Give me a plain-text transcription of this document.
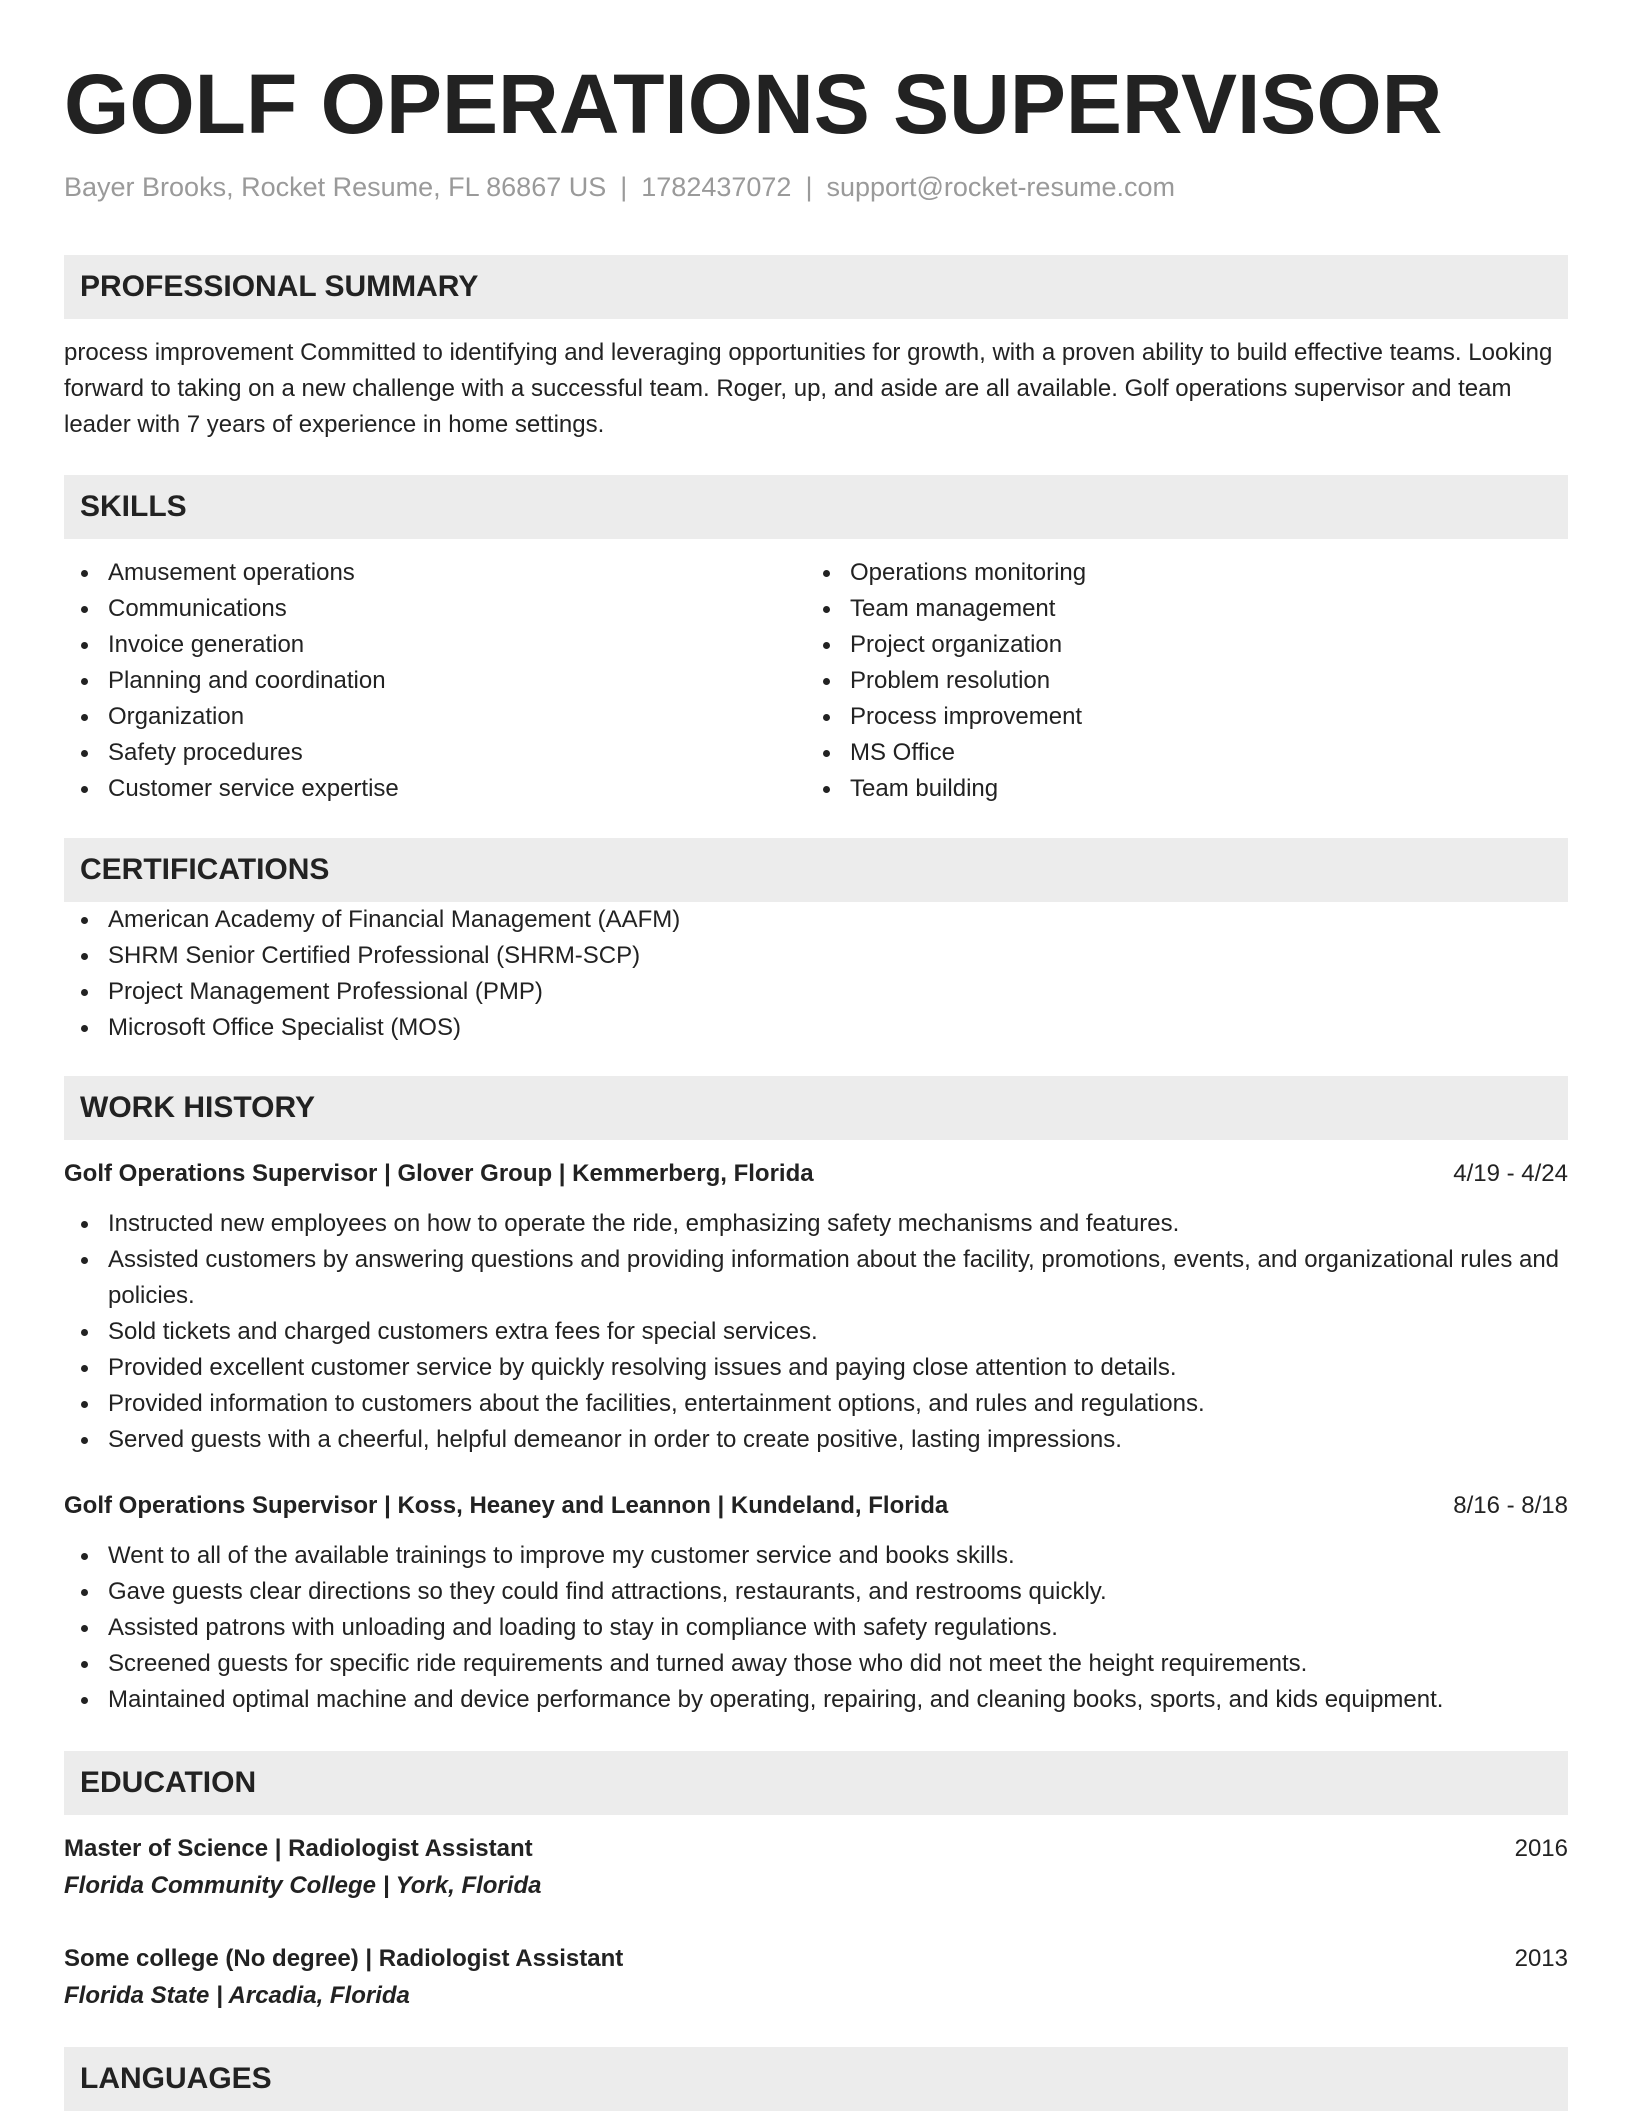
GOLF OPERATIONS SUPERVISOR
Bayer Brooks, Rocket Resume, FL 86867 US | 1782437072 | support@rocket-resume.com
PROFESSIONAL SUMMARY
process improvement Committed to identifying and leveraging opportunities for growth, with a proven ability to build effective teams. Looking forward to taking on a new challenge with a successful team. Roger, up, and aside are all available. Golf operations supervisor and team leader with 7 years of experience in home settings.
SKILLS
Amusement operations
Communications
Invoice generation
Planning and coordination
Organization
Safety procedures
Customer service expertise
Operations monitoring
Team management
Project organization
Problem resolution
Process improvement
MS Office
Team building
CERTIFICATIONS
American Academy of Financial Management (AAFM)
SHRM Senior Certified Professional (SHRM-SCP)
Project Management Professional (PMP)
Microsoft Office Specialist (MOS)
WORK HISTORY
Golf Operations Supervisor | Glover Group | Kemmerberg, Florida	4/19 - 4/24
Instructed new employees on how to operate the ride, emphasizing safety mechanisms and features.
Assisted customers by answering questions and providing information about the facility, promotions, events, and organizational rules and policies.
Sold tickets and charged customers extra fees for special services.
Provided excellent customer service by quickly resolving issues and paying close attention to details.
Provided information to customers about the facilities, entertainment options, and rules and regulations.
Served guests with a cheerful, helpful demeanor in order to create positive, lasting impressions.
Golf Operations Supervisor | Koss, Heaney and Leannon | Kundeland, Florida	8/16 - 8/18
Went to all of the available trainings to improve my customer service and books skills.
Gave guests clear directions so they could find attractions, restaurants, and restrooms quickly.
Assisted patrons with unloading and loading to stay in compliance with safety regulations.
Screened guests for specific ride requirements and turned away those who did not meet the height requirements.
Maintained optimal machine and device performance by operating, repairing, and cleaning books, sports, and kids equipment.
EDUCATION
Master of Science | Radiologist Assistant	2016
Florida Community College | York, Florida
Some college (No degree) | Radiologist Assistant	2013
Florida State | Arcadia, Florida
LANGUAGES
